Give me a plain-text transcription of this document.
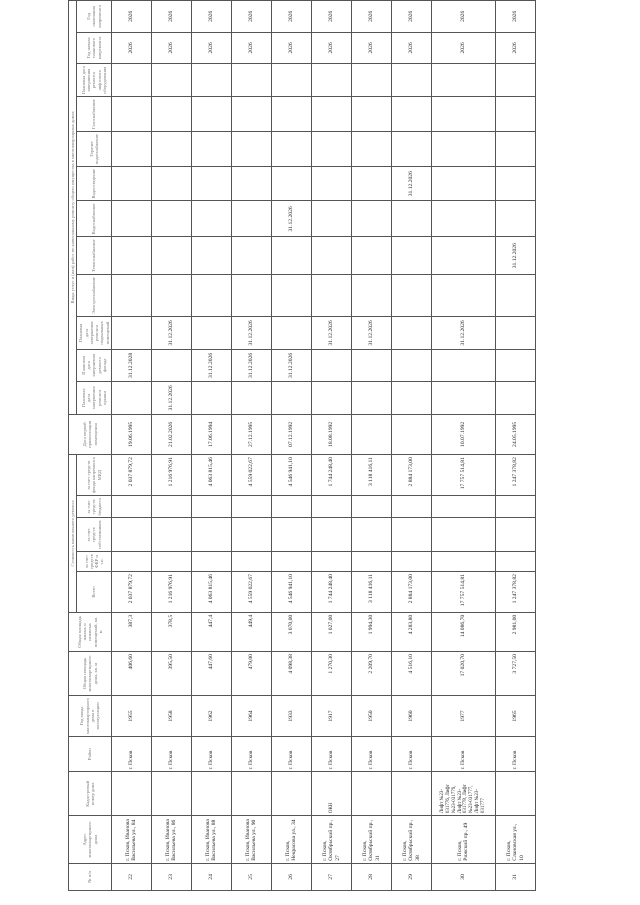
№ п/п	Адрес многоквартирного дома	Кадастровый номер дома	Район	Год ввода многоквартирного дома в эксплуатацию	Общая площадь многоквартирного дома, кв. м	Общая площадь жилых и нежилых помещений, кв. м	Стоимость капитального ремонта					Дата первой приватизации помещения	Виды услуг и (или) работ по капитальному ремонту общего имущества в многоквартирных домах											
							Всего	за счет средств ФКР и т.п.	за счет средств собственников	за счет средств бюджета	за счет средств фонда капремонта МКД		Плановая дата завершения ремонта крыши	Плановая дата завершения ремонта фасада	Плановая дата завершения ремонта подвальных помещений	Электроснабжение	Теплоснабжение	Водоснабжение	Водоотведение	Горячее водоснабжение	Газоснабжение	Плановая дата завершения ремонта лифтового оборудования	Год начала планового капремонта	Год окончания капремонта
22	г. Псков, Ивановa Васильева ул., 84		г. Псков	1955	406,60	387,3	2 037 879,72				2 037 879,72	19.06.1995		31.12.2028									2026	2026
23	г. Псков, Ивановa Васильева ул., 86		г. Псков	1958	395,50	378,5	1 216 976,91				1 216 976,91	21.02.2026	31.12.2026		31.12.2026								2026	2026
24	г. Псков, Ивановa Васильева ул., 88		г. Псков	1962	447,60	447,4	4 063 815,46				4 063 815,46	17.06.1994		31.12.2026									2026	2026
25	г. Псков, Ивановa Васильева ул., 90		г. Псков	1964	479,00	449,4	4 559 022,67				4 559 022,67	27.12.1995		31.12.2026	31.12.2026								2026	2026
26	г. Псков, Некрасова ул., 34		г. Псков	1933	4 098,38	3 070,00	4 546 941,10				4 546 941,10	07.12.1992		31.12.2026				31.12.2026					2026	2026
27	г. Псков, Октябрьский пр., 27	ОКН	г. Псков	1917	1 270,30	1 027,00	1 744 248,40				1 744 248,40	18.08.1992			31.12.2026								2026	2026
28	г. Псков, Октябрьский пр., 31		г. Псков	1950	2 209,70	1 994,30	3 118 416,11				3 118 416,11				31.12.2026								2026	2026
29	г. Псков, Октябрьский пр., 38		г. Псков	1960	4 516,10	4 283,80	2 884 173,00				2 884 173,00								31.12.2026				2026	2026
30	г. Псков, Рижский пр., 49	Лифт №23-031776, Лифт №23-031779, Лифт №23-031778, Лифт №23-031777, Лифт №23-031777	г. Псков	1977	17 020,70	14 086,70	17 757 514,81				17 757 514,81	10.07.1992			31.12.2026								2026	2026
31	г. Псков, Слановская ул., 10		г. Псков	1965	3 727,50	2 981,00	1 247 378,82				1 247 378,82	24.05.1995					31.12.2026						2026	2026
